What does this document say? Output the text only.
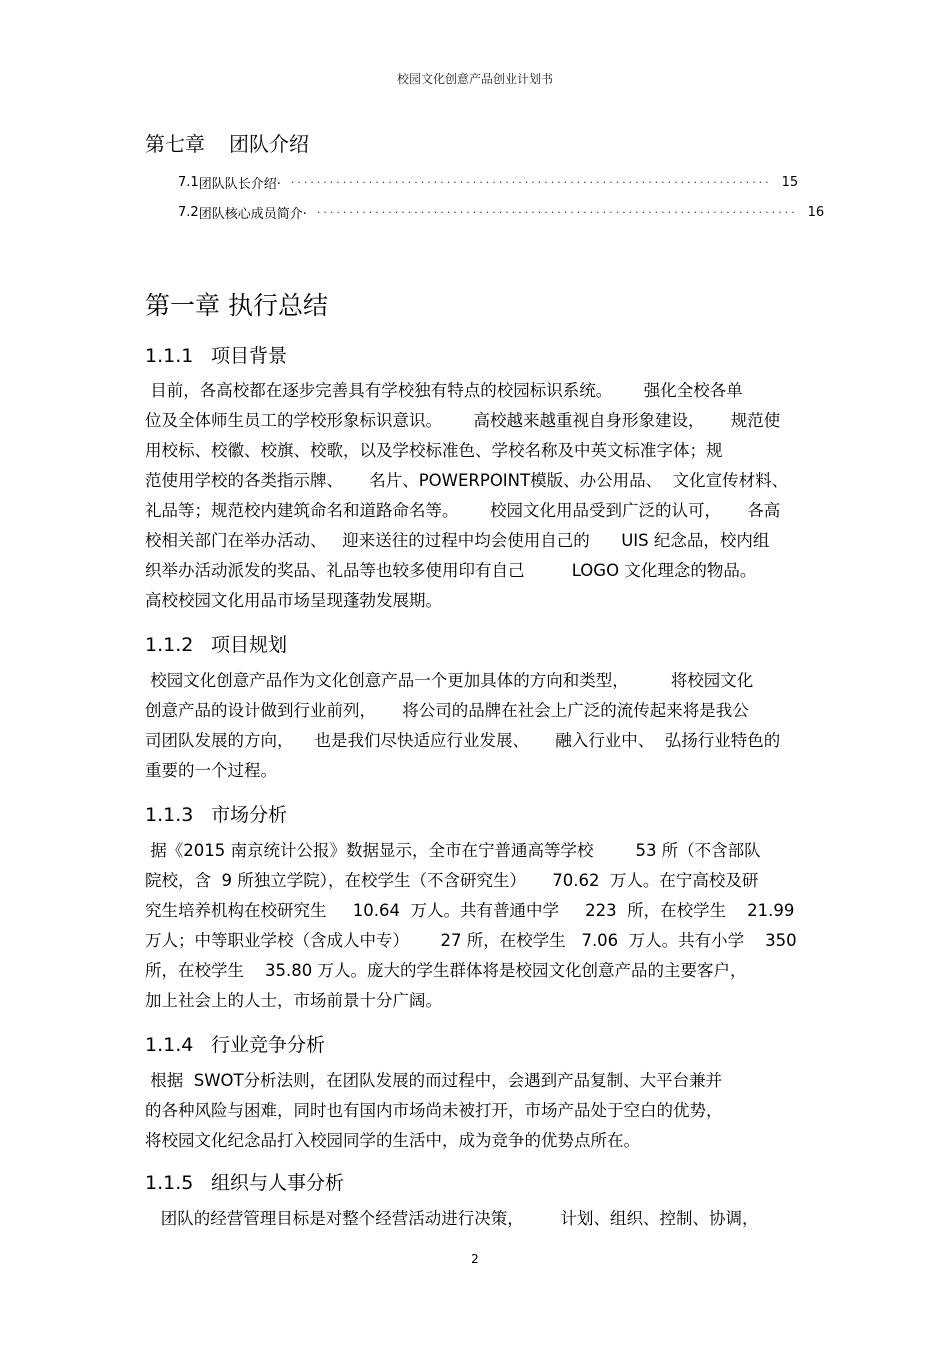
校园文化创意产品创业计划书
第七章 团队介绍
7.1 团队队长介绍· ·········································································· 15
7.2 团队核心成员简介· ·········································································· 16
第一章 执行总结
1.1.1 项目背景
目前，各高校都在逐步完善具有学校独有特点的校园标识系统。      强化全校各单
位及全体师生员工的学校形象标识意识。      高校越来越重视自身形象建设，     规范使
用校标、校徽、校旗、校歌，以及学校标准色、学校名称及中英文标准字体；规
范使用学校的各类指示牌、     名片、POWERPOINT模版、办公用品、  文化宣传材料、
礼品等；规范校内建筑命名和道路命名等。      校园文化用品受到广泛的认可，     各高
校相关部门在举办活动、   迎来送往的过程中均会使用自己的      UIS 纪念品，校内组
织举办活动派发的奖品、礼品等也较多使用印有自己         LOGO 文化理念的物品。
高校校园文化用品市场呈现蓬勃发展期。
1.1.2 项目规划
校园文化创意产品作为文化创意产品一个更加具体的方向和类型，        将校园文化
创意产品的设计做到行业前列，     将公司的品牌在社会上广泛的流传起来将是我公
司团队发展的方向，    也是我们尽快适应行业发展、     融入行业中、  弘扬行业特色的
重要的一个过程。
1.1.3 市场分析
据《2015 南京统计公报》数据显示，全市在宁普通高等学校        53 所（不含部队
院校，含  9 所独立学院），在校学生（不含研究生）     70.62  万人。在宁高校及研
究生培养机构在校研究生     10.64  万人。共有普通中学     223  所，在校学生    21.99
万人；中等职业学校（含成人中专）      27 所，在校学生   7.06  万人。共有小学    350
所，在校学生    35.80 万人。庞大的学生群体将是校园文化创意产品的主要客户，
加上社会上的人士，市场前景十分广阔。
1.1.4 行业竞争分析
根据  SWOT分析法则，在团队发展的而过程中，会遇到产品复制、大平台兼并
的各种风险与困难，同时也有国内市场尚未被打开，市场产品处于空白的优势，
将校园文化纪念品打入校园同学的生活中，成为竞争的优势点所在。
1.1.5 组织与人事分析
团队的经营管理目标是对整个经营活动进行决策，       计划、组织、控制、协调，
2
